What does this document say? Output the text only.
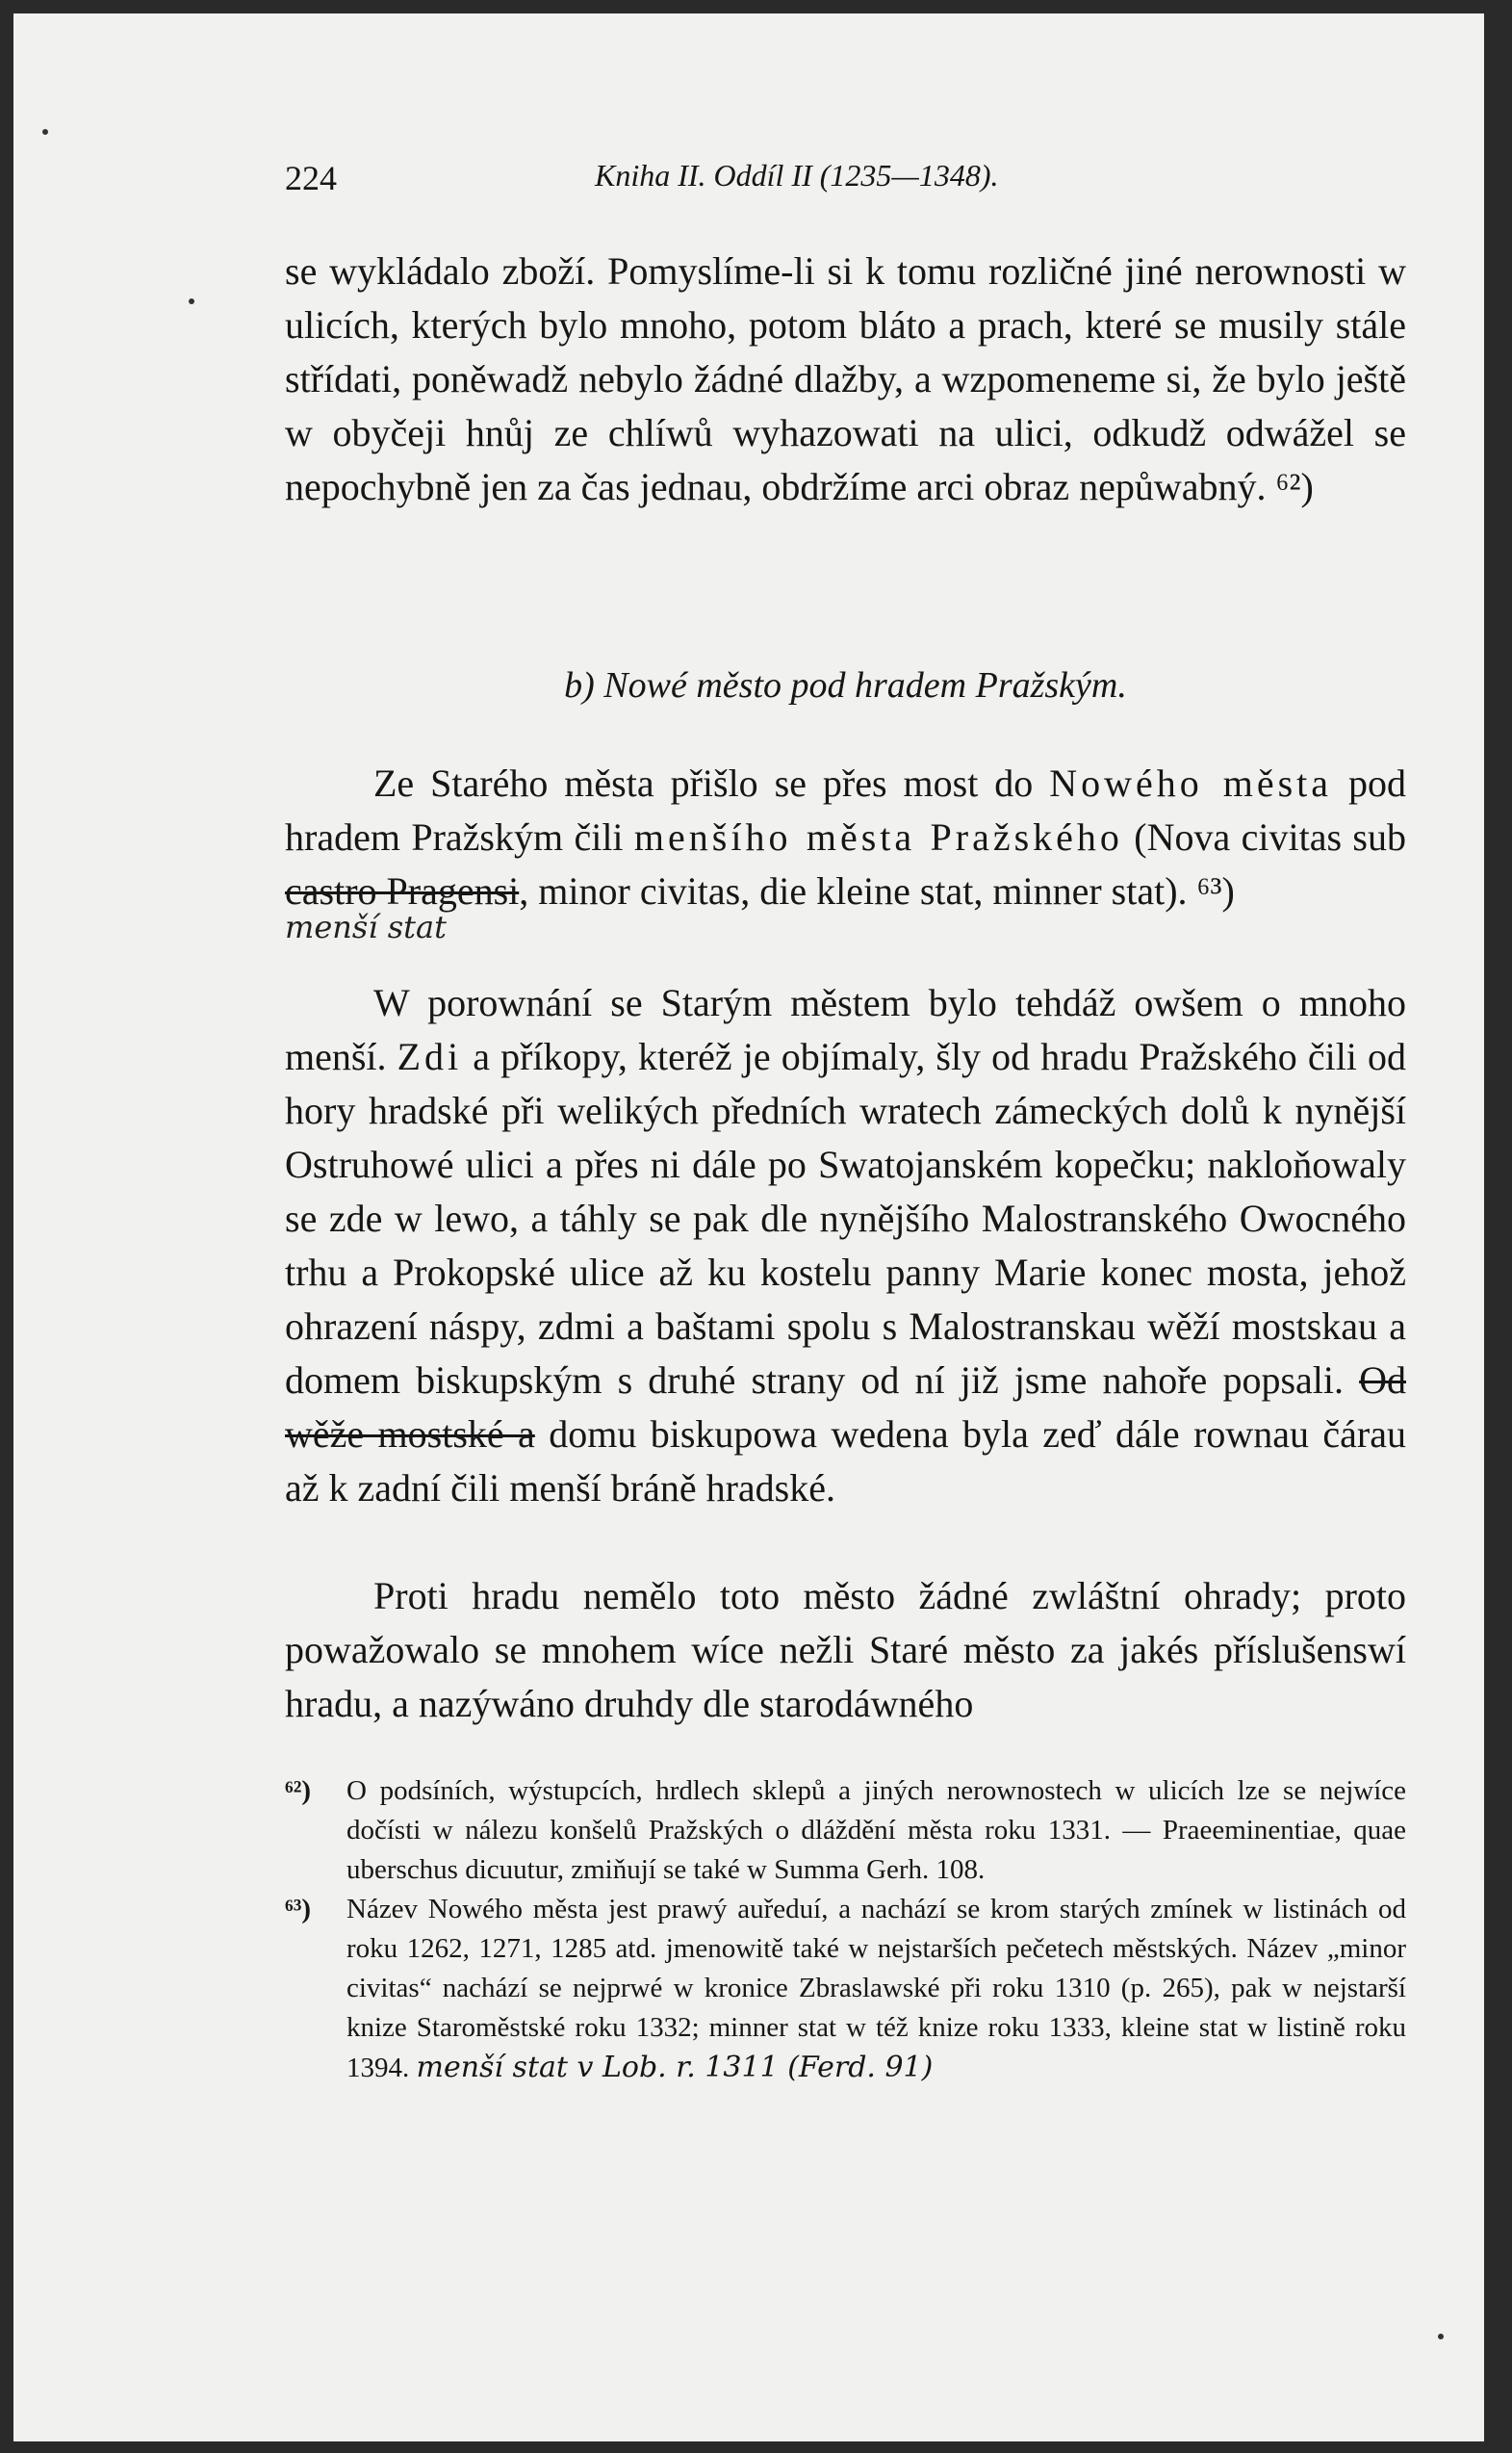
224	Kniha II. Oddíl II (1235—1348).
se wykládalo zboží. Pomyslíme-li si k tomu rozličné jiné nerownosti w ulicích, kterých bylo mnoho, potom bláto a prach, které se musily stále střídati, poněwadž nebylo žádné dlažby, a wzpomeneme si, že bylo ještě w obyčeji hnůj ze chlíwů wyhazowati na ulici, odkudž odwážel se nepochybně jen za čas jednau, obdržíme arci obraz nepůwabný. ⁶²)
b) Nowé město pod hradem Pražským.
Ze Starého města přišlo se přes most do Nowého města pod hradem Pražským čili menšího města Pražského (Nova civitas sub castro Pragensi, minor civitas, die kleine stat, minner stat). ⁶³)
menší stat
W porownání se Starým městem bylo tehdáž owšem o mnoho menší. Zdi a příkopy, kteréž je objímaly, šly od hradu Pražského čili od hory hradské při welikých předních wratech zámeckých dolů k nynější Ostruhowé ulici a přes ni dále po Swatojanském kopečku; nakloňowaly se zde w lewo, a táhly se pak dle nynějšího Malostranského Owocného trhu a Prokopské ulice až ku kostelu panny Marie konec mosta, jehož ohrazení náspy, zdmi a baštami spolu s Malostranskau wěží mostskau a domem biskupským s druhé strany od ní již jsme nahoře popsali. Od wěže mostské a domu biskupowa wedena byla zeď dále rownau čárau až k zadní čili menší bráně hradské.
Proti hradu nemělo toto město žádné zwláštní ohrady; proto powažowalo se mnohem wíce nežli Staré město za jakés příslušenswí hradu, a nazýwáno druhdy dle starodáwného
⁶²) O podsíních, wýstupcích, hrdlech sklepů a jiných nerownostech w ulicích lze se nejwíce dočísti w nálezu konšelů Pražských o dláždění města roku 1331. — Praeeminentiae, quae uberschus dicuutur, zmiňují se také w Summa Gerh. 108.
⁶³) Název Nowého města jest prawý auředuí, a nachází se krom starých zmínek w listinách od roku 1262, 1271, 1285 atd. jmenowitě také w nejstarších pečetech městských. Název „minor civitas“ nachází se nejprwé w kronice Zbraslawské při roku 1310 (p. 265), pak w nejstarší knize Staroměstské roku 1332; minner stat w též knize roku 1333, kleine stat w listině roku 1394. menší stat v Lob. r. 1311 (Ferd. 91)
